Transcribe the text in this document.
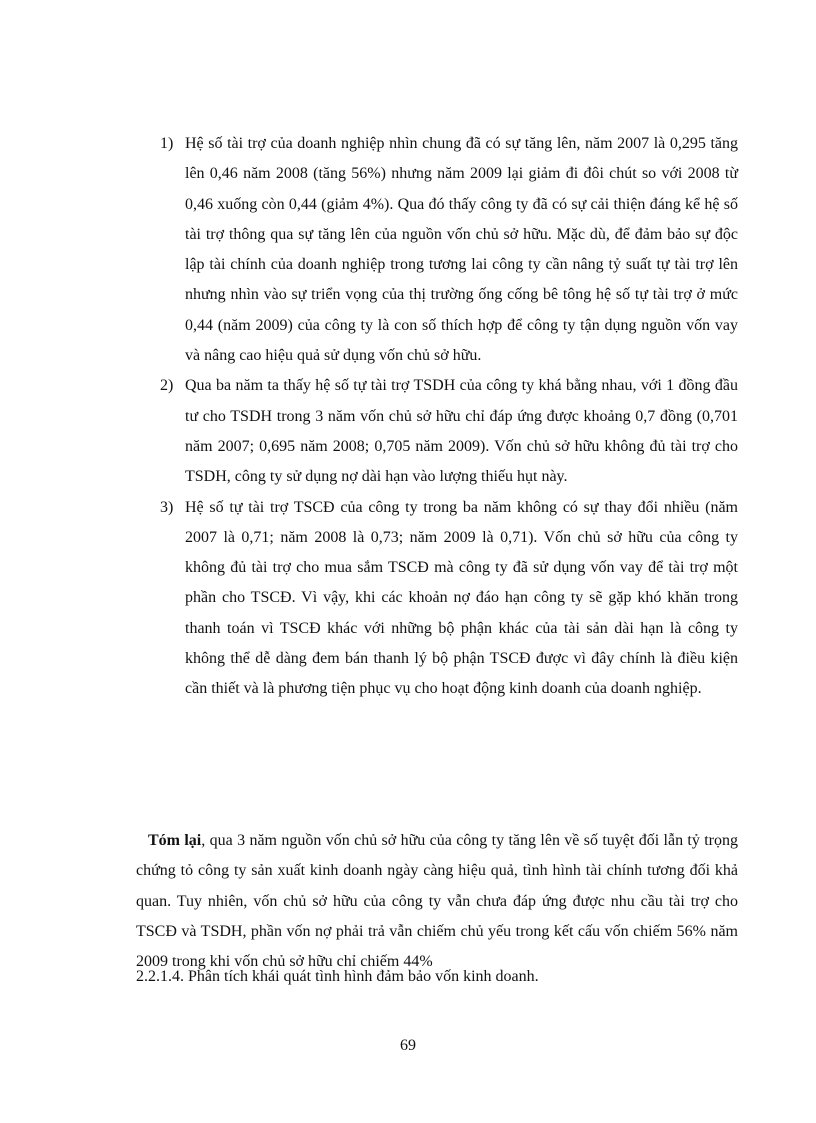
1) Hệ số tài trợ của doanh nghiệp nhìn chung đã có sự tăng lên, năm 2007 là 0,295 tăng lên 0,46 năm 2008 (tăng 56%) nhưng năm 2009 lại giảm đi đôi chút so với 2008 từ 0,46 xuống còn 0,44 (giảm 4%). Qua đó thấy công ty đã có sự cải thiện đáng kể hệ số tài trợ thông qua sự tăng lên của nguồn vốn chủ sở hữu. Mặc dù, để đảm bảo sự độc lập tài chính của doanh nghiệp trong tương lai công ty cần nâng tỷ suất tự tài trợ lên nhưng nhìn vào sự triển vọng của thị trường ống cống bê tông hệ số tự tài trợ ở mức 0,44 (năm 2009) của công ty là con số thích hợp để công ty tận dụng nguồn vốn vay và nâng cao hiệu quả sử dụng vốn chủ sở hữu.
2) Qua ba năm ta thấy hệ số tự tài trợ TSDH của công ty khá bằng nhau, với 1 đồng đầu tư cho TSDH trong 3 năm vốn chủ sở hữu chỉ đáp ứng được khoảng 0,7 đồng (0,701 năm 2007; 0,695 năm 2008; 0,705 năm 2009). Vốn chủ sở hữu không đủ tài trợ cho TSDH, công ty sử dụng nợ dài hạn vào lượng thiếu hụt này.
3) Hệ số tự tài trợ TSCĐ của công ty trong ba năm không có sự thay đổi nhiều (năm 2007 là 0,71; năm 2008 là 0,73; năm 2009 là 0,71). Vốn chủ sở hữu của công ty không đủ tài trợ cho mua sắm TSCĐ mà công ty đã sử dụng vốn vay để tài trợ một phần cho TSCĐ. Vì vậy, khi các khoản nợ đáo hạn công ty sẽ gặp khó khăn trong thanh toán vì TSCĐ khác với những bộ phận khác của tài sản dài hạn là công ty không thể dễ dàng đem bán thanh lý bộ phận TSCĐ được vì đây chính là điều kiện cần thiết và là phương tiện phục vụ cho hoạt động kinh doanh của doanh nghiệp.

Tóm lại, qua 3 năm nguồn vốn chủ sở hữu của công ty tăng lên về số tuyệt đối lẫn tỷ trọng chứng tỏ công ty sản xuất kinh doanh ngày càng hiệu quả, tình hình tài chính tương đối khả quan. Tuy nhiên, vốn chủ sở hữu của công ty vẫn chưa đáp ứng được nhu cầu tài trợ cho TSCĐ và TSDH, phần vốn nợ phải trả vẫn chiếm chủ yếu trong kết cấu vốn chiếm 56% năm 2009 trong khi vốn chủ sở hữu chỉ chiếm 44%

2.2.1.4. Phân tích khái quát tình hình đảm bảo vốn kinh doanh.

69
